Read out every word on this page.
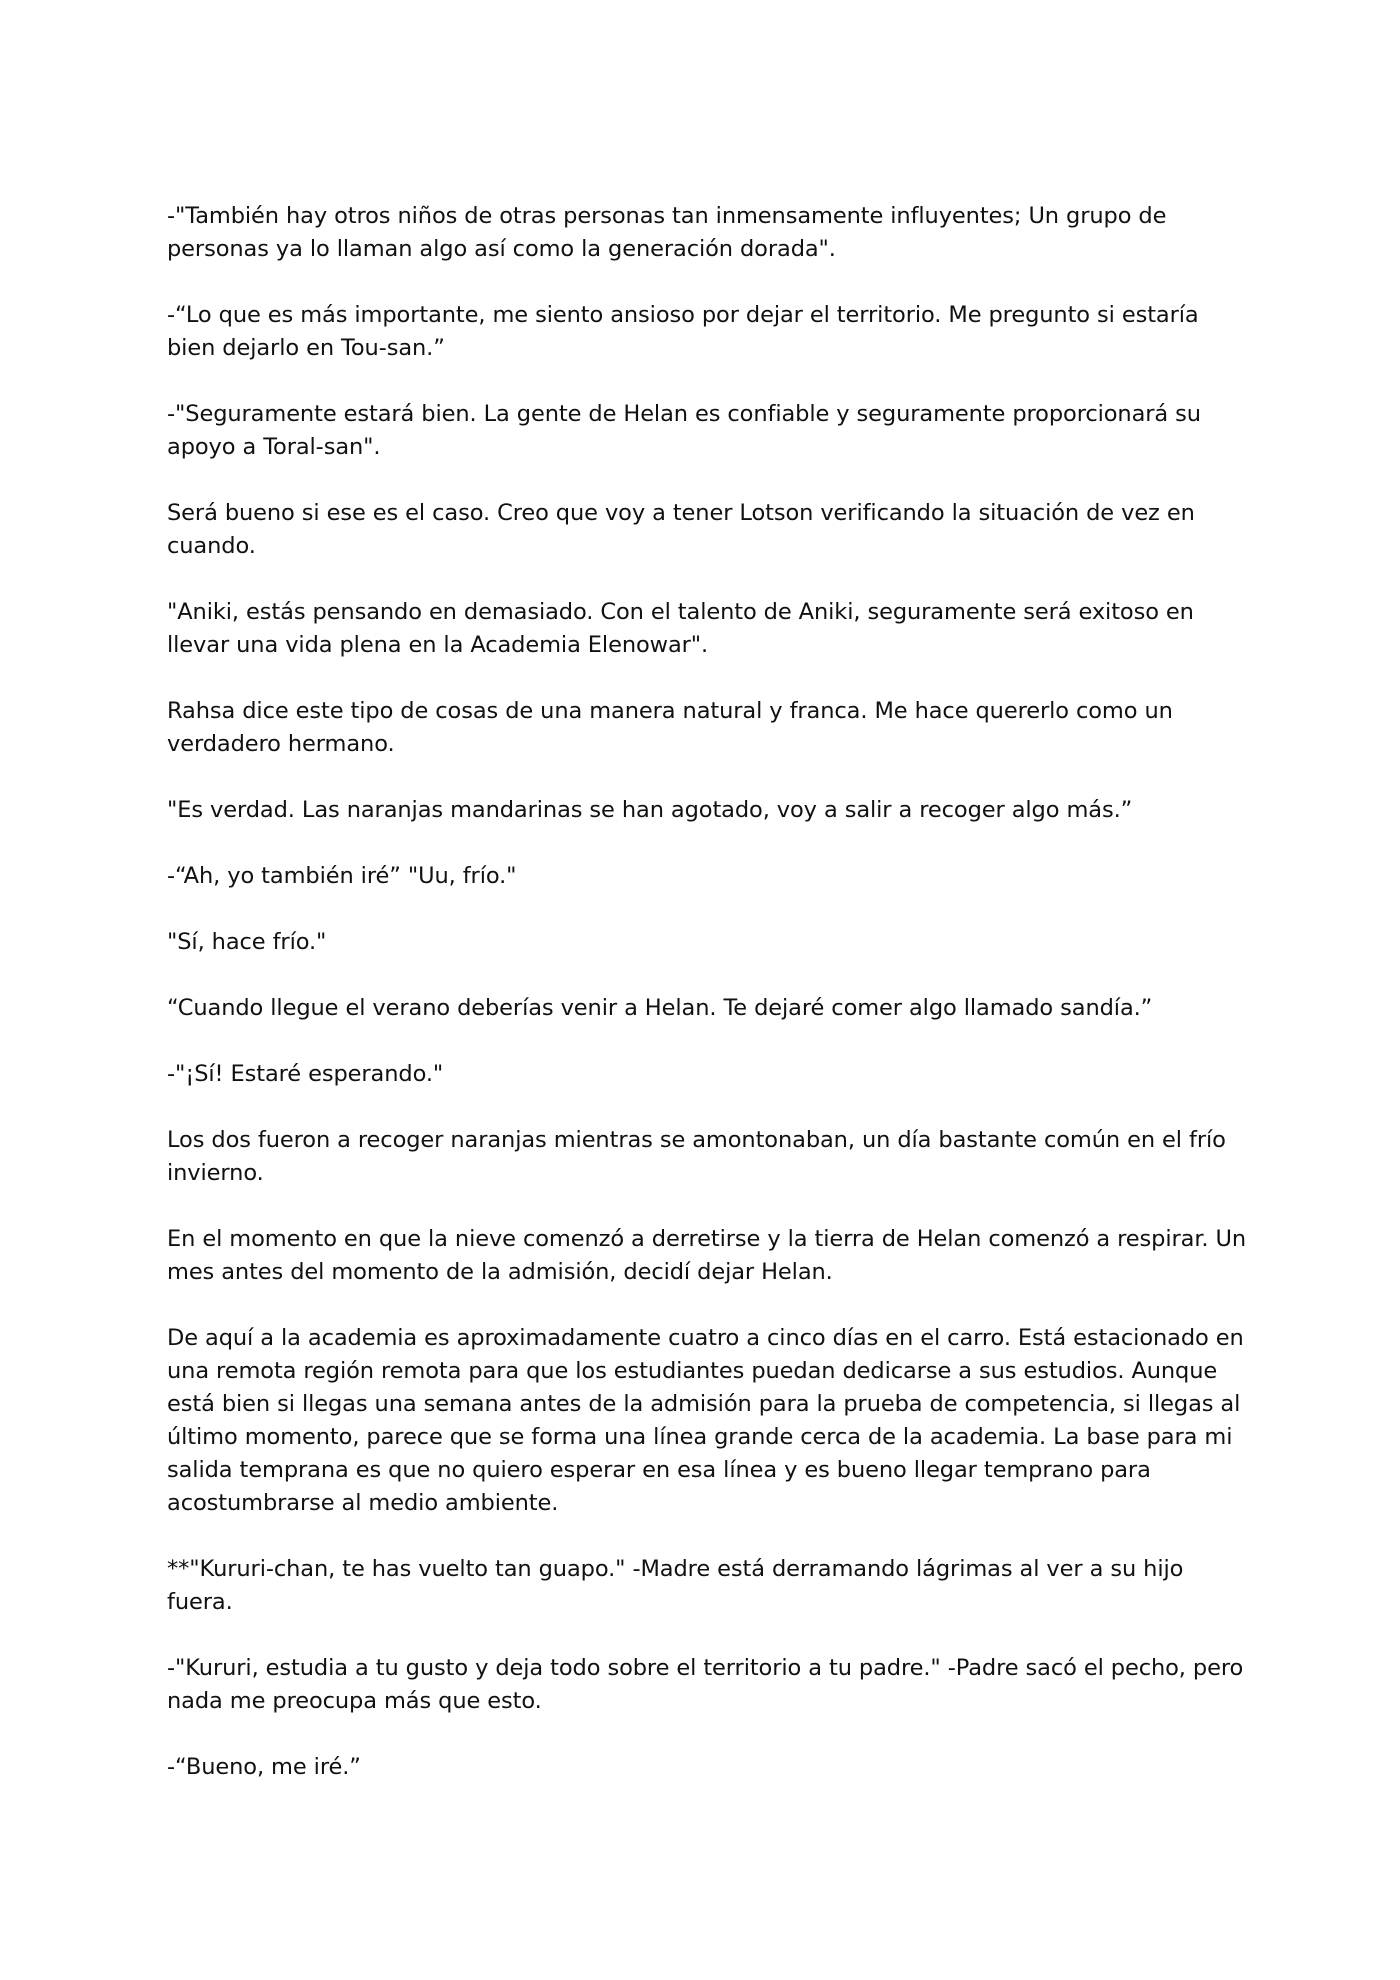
-"También hay otros niños de otras personas tan inmensamente influyentes; Un grupo de personas ya lo llaman algo así como la generación dorada".

-“Lo que es más importante, me siento ansioso por dejar el territorio. Me pregunto si estaría bien dejarlo en Tou-san.”

-"Seguramente estará bien. La gente de Helan es confiable y seguramente proporcionará su apoyo a Toral-san".

Será bueno si ese es el caso. Creo que voy a tener Lotson verificando la situación de vez en cuando.

"Aniki, estás pensando en demasiado. Con el talento de Aniki, seguramente será exitoso en llevar una vida plena en la Academia Elenowar".

Rahsa dice este tipo de cosas de una manera natural y franca. Me hace quererlo como un verdadero hermano.

"Es verdad. Las naranjas mandarinas se han agotado, voy a salir a recoger algo más.”

-“Ah, yo también iré” "Uu, frío."

"Sí, hace frío."

“Cuando llegue el verano deberías venir a Helan. Te dejaré comer algo llamado sandía.”

-"¡Sí! Estaré esperando."

Los dos fueron a recoger naranjas mientras se amontonaban, un día bastante común en el frío invierno.

En el momento en que la nieve comenzó a derretirse y la tierra de Helan comenzó a respirar. Un mes antes del momento de la admisión, decidí dejar Helan.

De aquí a la academia es aproximadamente cuatro a cinco días en el carro. Está estacionado en una remota región remota para que los estudiantes puedan dedicarse a sus estudios. Aunque está bien si llegas una semana antes de la admisión para la prueba de competencia, si llegas al último momento, parece que se forma una línea grande cerca de la academia. La base para mi salida temprana es que no quiero esperar en esa línea y es bueno llegar temprano para acostumbrarse al medio ambiente.

**"Kururi-chan, te has vuelto tan guapo." -Madre está derramando lágrimas al ver a su hijo fuera.

-"Kururi, estudia a tu gusto y deja todo sobre el territorio a tu padre." -Padre sacó el pecho, pero nada me preocupa más que esto.

-“Bueno, me iré.”
